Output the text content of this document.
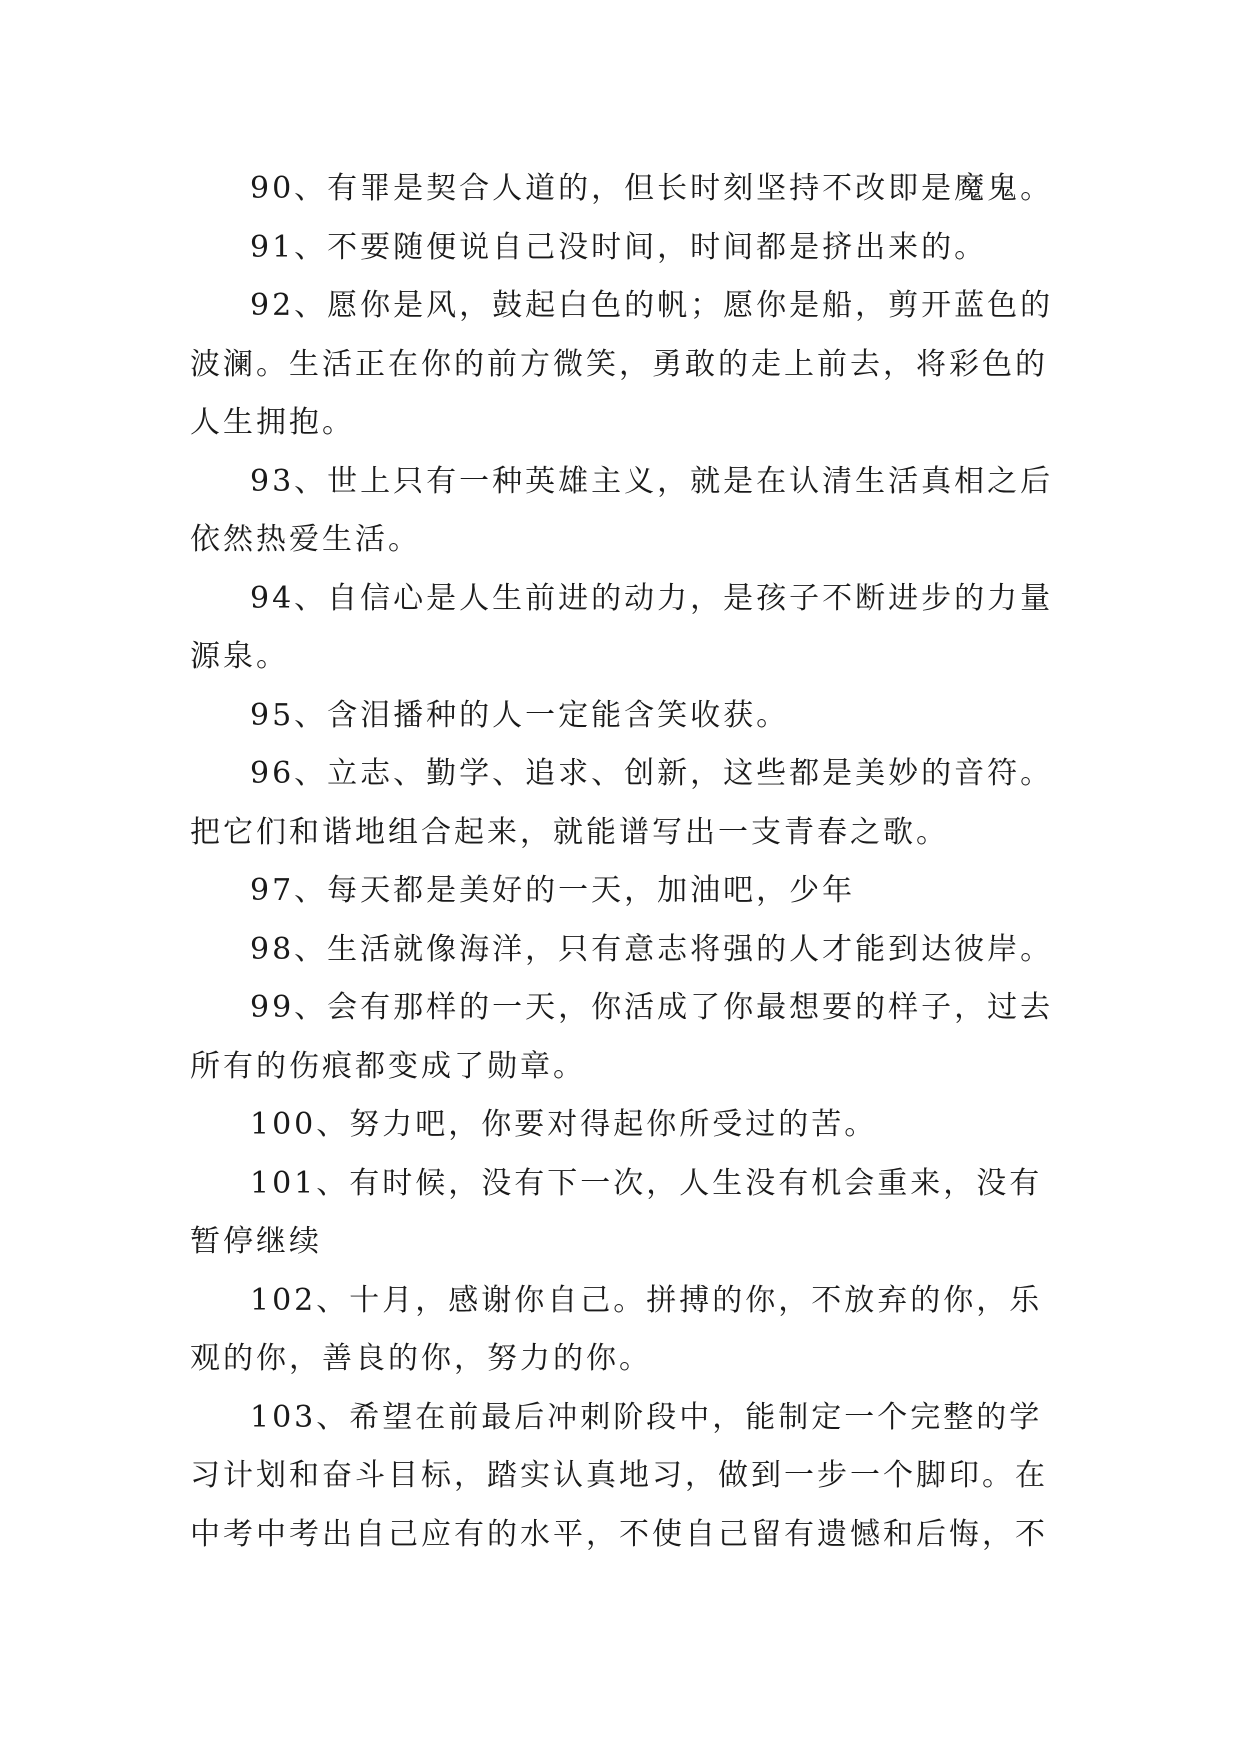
90、有罪是契合人道的，但长时刻坚持不改即是魔鬼。

91、不要随便说自己没时间，时间都是挤出来的。

92、愿你是风，鼓起白色的帆；愿你是船，剪开蓝色的波澜。生活正在你的前方微笑，勇敢的走上前去，将彩色的人生拥抱。

93、世上只有一种英雄主义，就是在认清生活真相之后依然热爱生活。

94、自信心是人生前进的动力，是孩子不断进步的力量源泉。

95、含泪播种的人一定能含笑收获。

96、立志、勤学、追求、创新，这些都是美妙的音符。把它们和谐地组合起来，就能谱写出一支青春之歌。

97、每天都是美好的一天，加油吧，少年

98、生活就像海洋，只有意志将强的人才能到达彼岸。

99、会有那样的一天，你活成了你最想要的样子，过去所有的伤痕都变成了勋章。

100、努力吧，你要对得起你所受过的苦。

101、有时候，没有下一次，人生没有机会重来，没有暂停继续

102、十月，感谢你自己。拼搏的你，不放弃的你，乐观的你，善良的你，努力的你。

103、希望在前最后冲刺阶段中，能制定一个完整的学习计划和奋斗目标，踏实认真地习，做到一步一个脚印。在中考中考出自己应有的水平，不使自己留有遗憾和后悔，不
